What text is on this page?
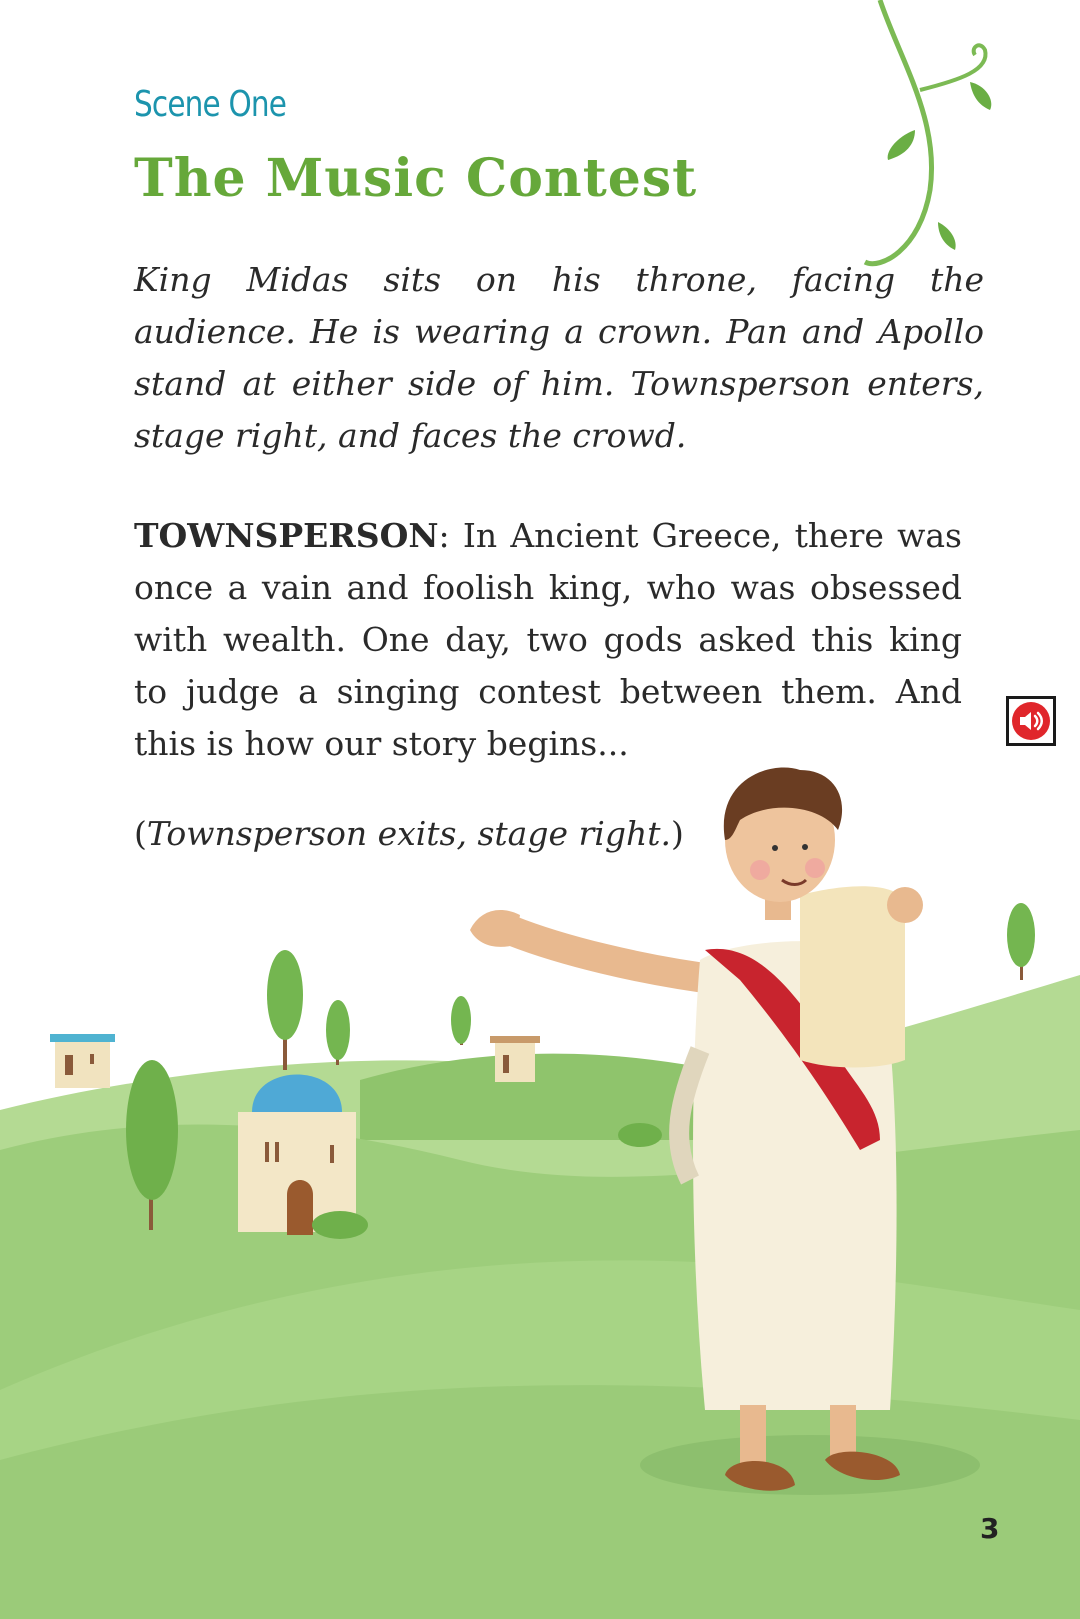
Scene One
The Music Contest

King Midas sits on his throne, facing the audience. He is wearing a crown. Pan and Apollo stand at either side of him. Townsperson enters, stage right, and faces the crowd.

TOWNSPERSON: In Ancient Greece, there was once a vain and foolish king, who was obsessed with wealth. One day, two gods asked this king to judge a singing contest between them. And this is how our story begins...

(Townsperson exits, stage right.)

3
